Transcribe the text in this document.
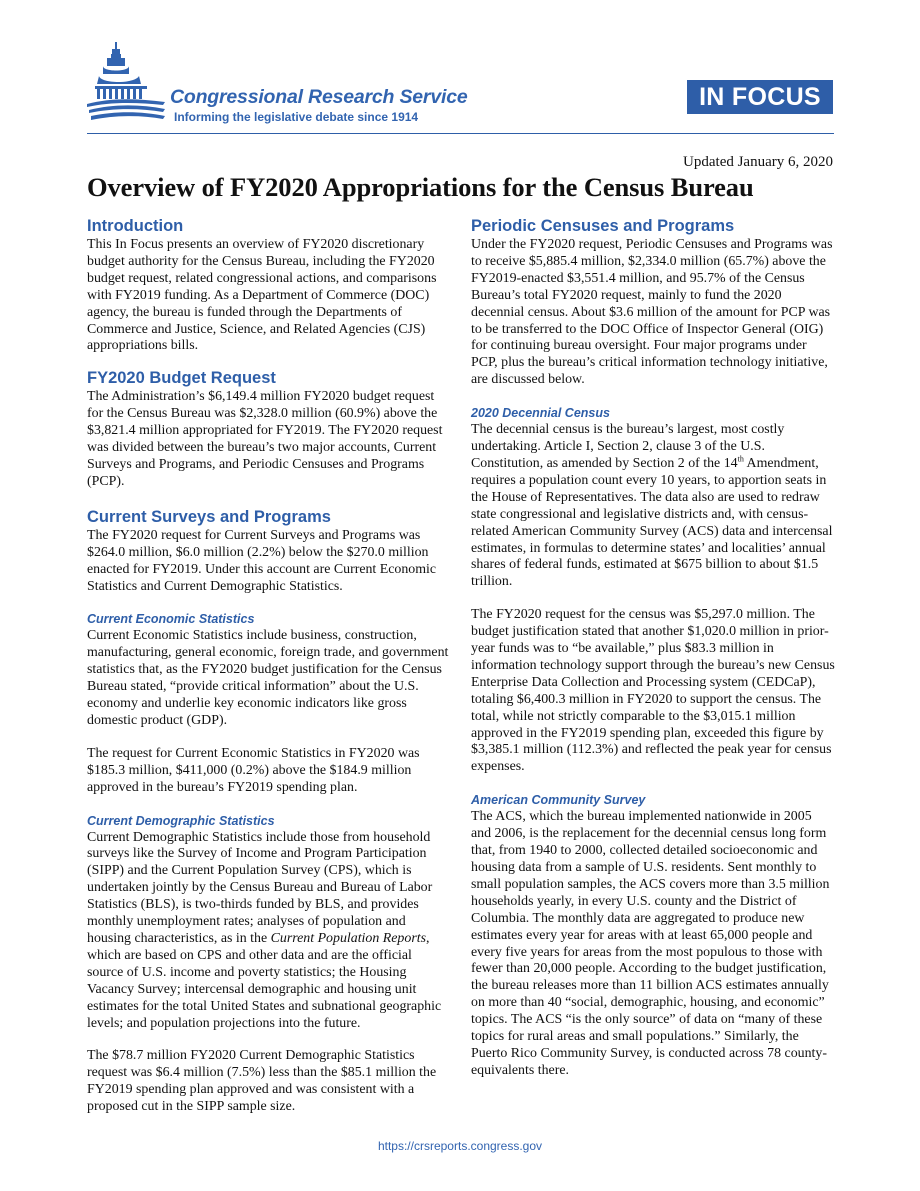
Congressional Research Service
Informing the legislative debate since 1914
IN FOCUS
Updated January 6, 2020
Overview of FY2020 Appropriations for the Census Bureau
Introduction

This In Focus presents an overview of FY2020 discretionary budget authority for the Census Bureau, including the FY2020 budget request, related congressional actions, and comparisons with FY2019 funding. As a Department of Commerce (DOC) agency, the bureau is funded through the Departments of Commerce and Justice, Science, and Related Agencies (CJS) appropriations bills.

FY2020 Budget Request

The Administration’s $6,149.4 million FY2020 budget request for the Census Bureau was $2,328.0 million (60.9%) above the $3,821.4 million appropriated for FY2019. The FY2020 request was divided between the bureau’s two major accounts, Current Surveys and Programs, and Periodic Censuses and Programs (PCP).

Current Surveys and Programs

The FY2020 request for Current Surveys and Programs was $264.0 million, $6.0 million (2.2%) below the $270.0 million enacted for FY2019. Under this account are Current Economic Statistics and Current Demographic Statistics.

Current Economic Statistics

Current Economic Statistics include business, construction, manufacturing, general economic, foreign trade, and government statistics that, as the FY2020 budget justification for the Census Bureau stated, “provide critical information” about the U.S. economy and underlie key economic indicators like gross domestic product (GDP).

The request for Current Economic Statistics in FY2020 was $185.3 million, $411,000 (0.2%) above the $184.9 million approved in the bureau’s FY2019 spending plan.

Current Demographic Statistics

Current Demographic Statistics include those from household surveys like the Survey of Income and Program Participation (SIPP) and the Current Population Survey (CPS), which is undertaken jointly by the Census Bureau and Bureau of Labor Statistics (BLS), is two-thirds funded by BLS, and provides monthly unemployment rates; analyses of population and housing characteristics, as in the Current Population Reports, which are based on CPS and other data and are the official source of U.S. income and poverty statistics; the Housing Vacancy Survey; intercensal demographic and housing unit estimates for the total United States and subnational geographic levels; and population projections into the future.

The $78.7 million FY2020 Current Demographic Statistics request was $6.4 million (7.5%) less than the $85.1 million the FY2019 spending plan approved and was consistent with a proposed cut in the SIPP sample size.

Periodic Censuses and Programs

Under the FY2020 request, Periodic Censuses and Programs was to receive $5,885.4 million, $2,334.0 million (65.7%) above the FY2019-enacted $3,551.4 million, and 95.7% of the Census Bureau’s total FY2020 request, mainly to fund the 2020 decennial census. About $3.6 million of the amount for PCP was to be transferred to the DOC Office of Inspector General (OIG) for continuing bureau oversight. Four major programs under PCP, plus the bureau’s critical information technology initiative, are discussed below.

2020 Decennial Census

The decennial census is the bureau’s largest, most costly undertaking. Article I, Section 2, clause 3 of the U.S. Constitution, as amended by Section 2 of the 14th Amendment, requires a population count every 10 years, to apportion seats in the House of Representatives. The data also are used to redraw state congressional and legislative districts and, with census-related American Community Survey (ACS) data and intercensal estimates, in formulas to determine states’ and localities’ annual shares of federal funds, estimated at $675 billion to about $1.5 trillion.

The FY2020 request for the census was $5,297.0 million. The budget justification stated that another $1,020.0 million in prior-year funds was to “be available,” plus $83.3 million in information technology support through the bureau’s new Census Enterprise Data Collection and Processing system (CEDCaP), totaling $6,400.3 million in FY2020 to support the census. The total, while not strictly comparable to the $3,015.1 million approved in the FY2019 spending plan, exceeded this figure by $3,385.1 million (112.3%) and reflected the peak year for census expenses.

American Community Survey

The ACS, which the bureau implemented nationwide in 2005 and 2006, is the replacement for the decennial census long form that, from 1940 to 2000, collected detailed socioeconomic and housing data from a sample of U.S. residents. Sent monthly to small population samples, the ACS covers more than 3.5 million households yearly, in every U.S. county and the District of Columbia. The monthly data are aggregated to produce new estimates every year for areas with at least 65,000 people and every five years for areas from the most populous to those with fewer than 20,000 people. According to the budget justification, the bureau releases more than 11 billion ACS estimates annually on more than 40 “social, demographic, housing, and economic” topics. The ACS “is the only source” of data on “many of these topics for rural areas and small populations.” Similarly, the Puerto Rico Community Survey, is conducted across 78 county-equivalents there.

https://crsreports.congress.gov
